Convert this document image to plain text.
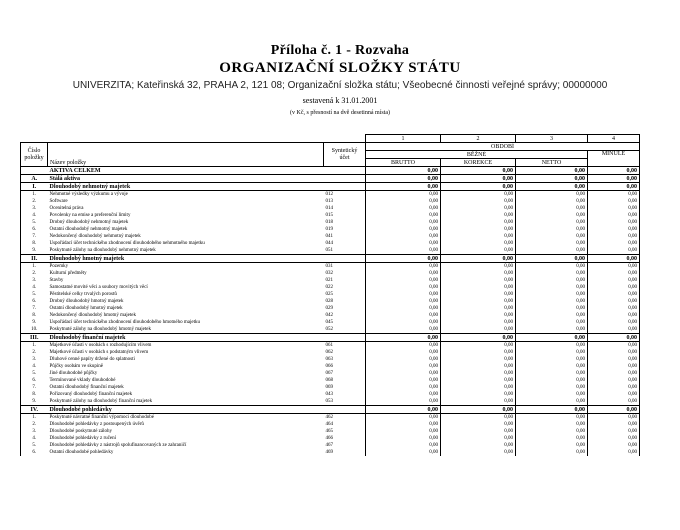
Příloha č. 1 - Rozvaha
ORGANIZAČNÍ SLOŽKY STÁTU
UNIVERZITA; Kateřinská 32, PRAHA 2, 121 08; Organizační složka státu; Všeobecné činnosti veřejné správy; 00000000
sestavená k 31.01.2001
(v Kč, s přesností na dvě desetinná místa)
			1	2	3	4
Číslo položky	Název položky	Syntetický účet	OBDOBÍ			
			BĚŽNÉ			MINULÉ
			BRUTTO	KOREKCE	NETTO	
	AKTIVA CELKEM		0,00	0,00	0,00	0,00
A.	Stálá aktiva		0,00	0,00	0,00	0,00
I.	Dlouhodobý nehmotný majetek		0,00	0,00	0,00	0,00
1.	Nehmotné výsledky výzkumu a vývoje	012	0,00	0,00	0,00	0,00
2.	Software	013	0,00	0,00	0,00	0,00
3.	Ocenitelná práva	014	0,00	0,00	0,00	0,00
4.	Povolenky na emise a preferenční limity	015	0,00	0,00	0,00	0,00
5.	Drobný dlouhodobý nehmotný majetek	018	0,00	0,00	0,00	0,00
6.	Ostatní dlouhodobý nehmotný majetek	019	0,00	0,00	0,00	0,00
7.	Nedokončený dlouhodobý nehmotný majetek	041	0,00	0,00	0,00	0,00
8.	Uspořádací účet technického zhodnocení dlouhodobého nehmotného majetku	044	0,00	0,00	0,00	0,00
9.	Poskytnuté zálohy na dlouhodobý nehmotný majetek	051	0,00	0,00	0,00	0,00
II.	Dlouhodobý hmotný majetek		0,00	0,00	0,00	0,00
1.	Pozemky	031	0,00	0,00	0,00	0,00
2.	Kulturní předměty	032	0,00	0,00	0,00	0,00
3.	Stavby	021	0,00	0,00	0,00	0,00
4.	Samostatné movité věci a soubory movitých věcí	022	0,00	0,00	0,00	0,00
5.	Pěstitelské celky trvalých porostů	025	0,00	0,00	0,00	0,00
6.	Drobný dlouhodobý hmotný majetek	028	0,00	0,00	0,00	0,00
7.	Ostatní dlouhodobý hmotný majetek	029	0,00	0,00	0,00	0,00
8.	Nedokončený dlouhodobý hmotný majetek	042	0,00	0,00	0,00	0,00
9.	Uspořádací účet technického zhodnocení dlouhodobého hmotného majetku	045	0,00	0,00	0,00	0,00
10.	Poskytnuté zálohy na dlouhodobý hmotný majetek	052	0,00	0,00	0,00	0,00
III.	Dlouhodobý finanční majetek		0,00	0,00	0,00	0,00
1.	Majetkové účasti v osobách s rozhodujícím vlivem	061	0,00	0,00	0,00	0,00
2.	Majetkové účasti v osobách s podstatným vlivem	062	0,00	0,00	0,00	0,00
3.	Dluhové cenné papíry držené do splatnosti	063	0,00	0,00	0,00	0,00
4.	Půjčky osobám ve skupině	066	0,00	0,00	0,00	0,00
5.	Jiné dlouhodobé půjčky	067	0,00	0,00	0,00	0,00
6.	Termínované vklady dlouhodobé	068	0,00	0,00	0,00	0,00
7.	Ostatní dlouhodobý finanční majetek	069	0,00	0,00	0,00	0,00
8.	Pořizovaný dlouhodobý finanční majetek	043	0,00	0,00	0,00	0,00
9.	Poskytnuté zálohy na dlouhodobý finanční majetek	053	0,00	0,00	0,00	0,00
IV.	Dlouhodobé pohledávky		0,00	0,00	0,00	0,00
1.	Poskytnuté návratné finanční výpomoci dlouhodobé	462	0,00	0,00	0,00	0,00
2.	Dlouhodobé pohledávky z postoupených úvěrů	464	0,00	0,00	0,00	0,00
3.	Dlouhodobé poskytnuté zálohy	465	0,00	0,00	0,00	0,00
4.	Dlouhodobé pohledávky z ručení	466	0,00	0,00	0,00	0,00
5.	Dlouhodobé pohledávky z nástrojů spolufinancovaných ze zahraničí	467	0,00	0,00	0,00	0,00
6.	Ostatní dlouhodobé pohledávky	469	0,00	0,00	0,00	0,00
